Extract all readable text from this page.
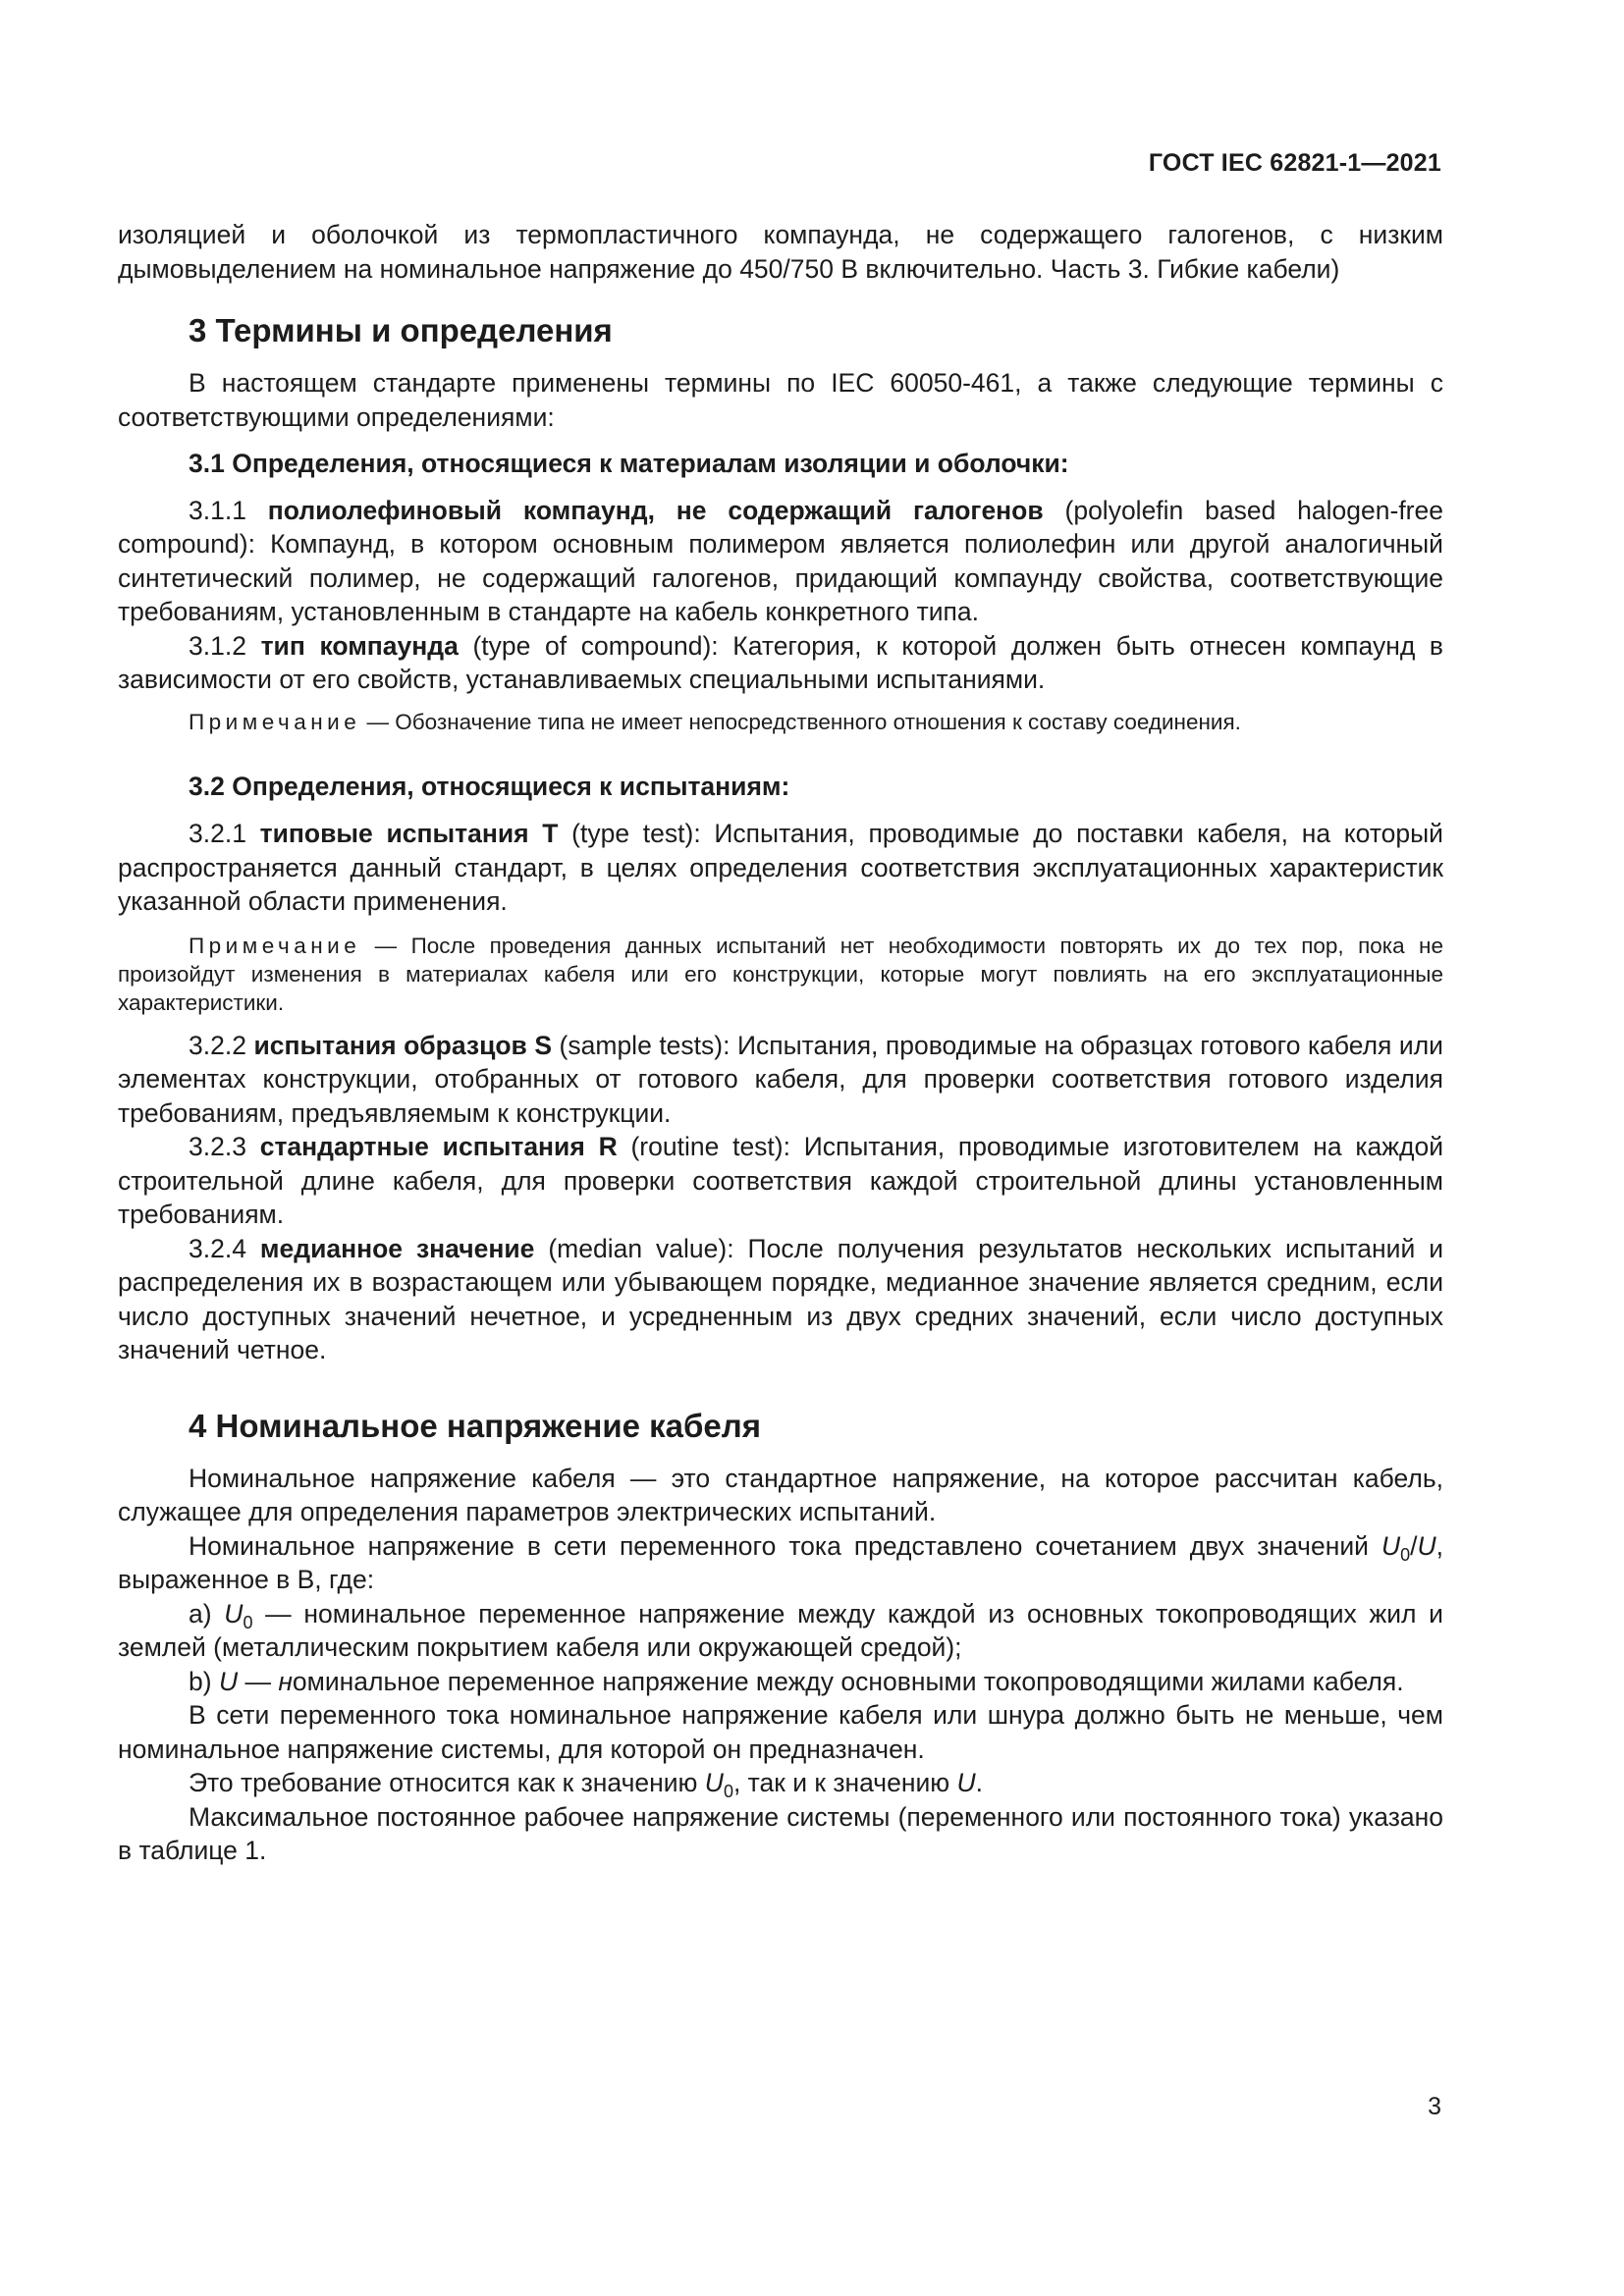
ГОСТ IEC 62821-1—2021

изоляцией и оболочкой из термопластичного компаунда, не содержащего галогенов, с низким дымовыделением на номинальное напряжение до 450/750 В включительно. Часть 3. Гибкие кабели)

3 Термины и определения

В настоящем стандарте применены термины по IEC 60050-461, а также следующие термины с соответствующими определениями:

3.1 Определения, относящиеся к материалам изоляции и оболочки:

3.1.1 полиолефиновый компаунд, не содержащий галогенов (polyolefin based halogen-free compound): Компаунд, в котором основным полимером является полиолефин или другой аналогичный синтетический полимер, не содержащий галогенов, придающий компаунду свойства, соответствующие требованиям, установленным в стандарте на кабель конкретного типа.

3.1.2 тип компаунда (type of compound): Категория, к которой должен быть отнесен компаунд в зависимости от его свойств, устанавливаемых специальными испытаниями.

Примечание — Обозначение типа не имеет непосредственного отношения к составу соединения.

3.2 Определения, относящиеся к испытаниям:

3.2.1 типовые испытания T (type test): Испытания, проводимые до поставки кабеля, на который распространяется данный стандарт, в целях определения соответствия эксплуатационных характеристик указанной области применения.

Примечание — После проведения данных испытаний нет необходимости повторять их до тех пор, пока не произойдут изменения в материалах кабеля или его конструкции, которые могут повлиять на его эксплуатационные характеристики.

3.2.2 испытания образцов S (sample tests): Испытания, проводимые на образцах готового кабеля или элементах конструкции, отобранных от готового кабеля, для проверки соответствия готового изделия требованиям, предъявляемым к конструкции.

3.2.3 стандартные испытания R (routine test): Испытания, проводимые изготовителем на каждой строительной длине кабеля, для проверки соответствия каждой строительной длины установленным требованиям.

3.2.4 медианное значение (median value): После получения результатов нескольких испытаний и распределения их в возрастающем или убывающем порядке, медианное значение является средним, если число доступных значений нечетное, и усредненным из двух средних значений, если число доступных значений четное.

4 Номинальное напряжение кабеля

Номинальное напряжение кабеля — это стандартное напряжение, на которое рассчитан кабель, служащее для определения параметров электрических испытаний.

Номинальное напряжение в сети переменного тока представлено сочетанием двух значений $U_0/U$, выраженное в В, где:

a) $U_0$ — номинальное переменное напряжение между каждой из основных токопроводящих жил и землей (металлическим покрытием кабеля или окружающей средой);

b) U — номинальное переменное напряжение между основными токопроводящими жилами кабеля.

В сети переменного тока номинальное напряжение кабеля или шнура должно быть не меньше, чем номинальное напряжение системы, для которой он предназначен.

Это требование относится как к значению $U_0$, так и к значению U.

Максимальное постоянное рабочее напряжение системы (переменного или постоянного тока) указано в таблице 1.

3
